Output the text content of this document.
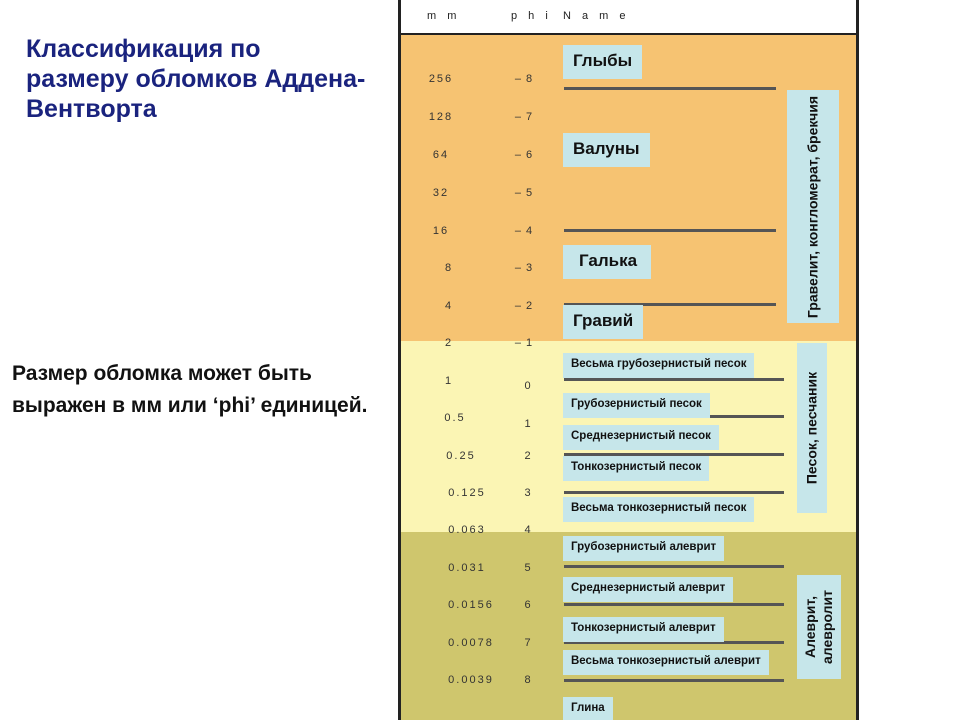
Классификация по размеру обломков Аддена-Вентворта
Размер обломка может быть выражен в мм или ‘phi’ единицей.
m m	p h i N a m e
256
128
64
32
16
8
4
2
1
0.5
0.25
0.125
0.063
0.031
0.0156
0.0078
0.0039
– 8
– 7
– 6
– 5
– 4
– 3
– 2
– 1
0
1
2
3
4
5
6
7
8
Глыбы
Валуны
Галька
Гравий
Весьма грубозернистый песок
Грубозернистый песок
Среднезернистый песок
Тонкозернистый песок
Весьма тонкозернистый песок
Грубозернистый алеврит
Среднезернистый алеврит
Тонкозернистый алеврит
Весьма тонкозернистый алеврит
Глина
Гравелит, конгломерат, брекчия
Песок, песчаник
Алеврит, алевролит
